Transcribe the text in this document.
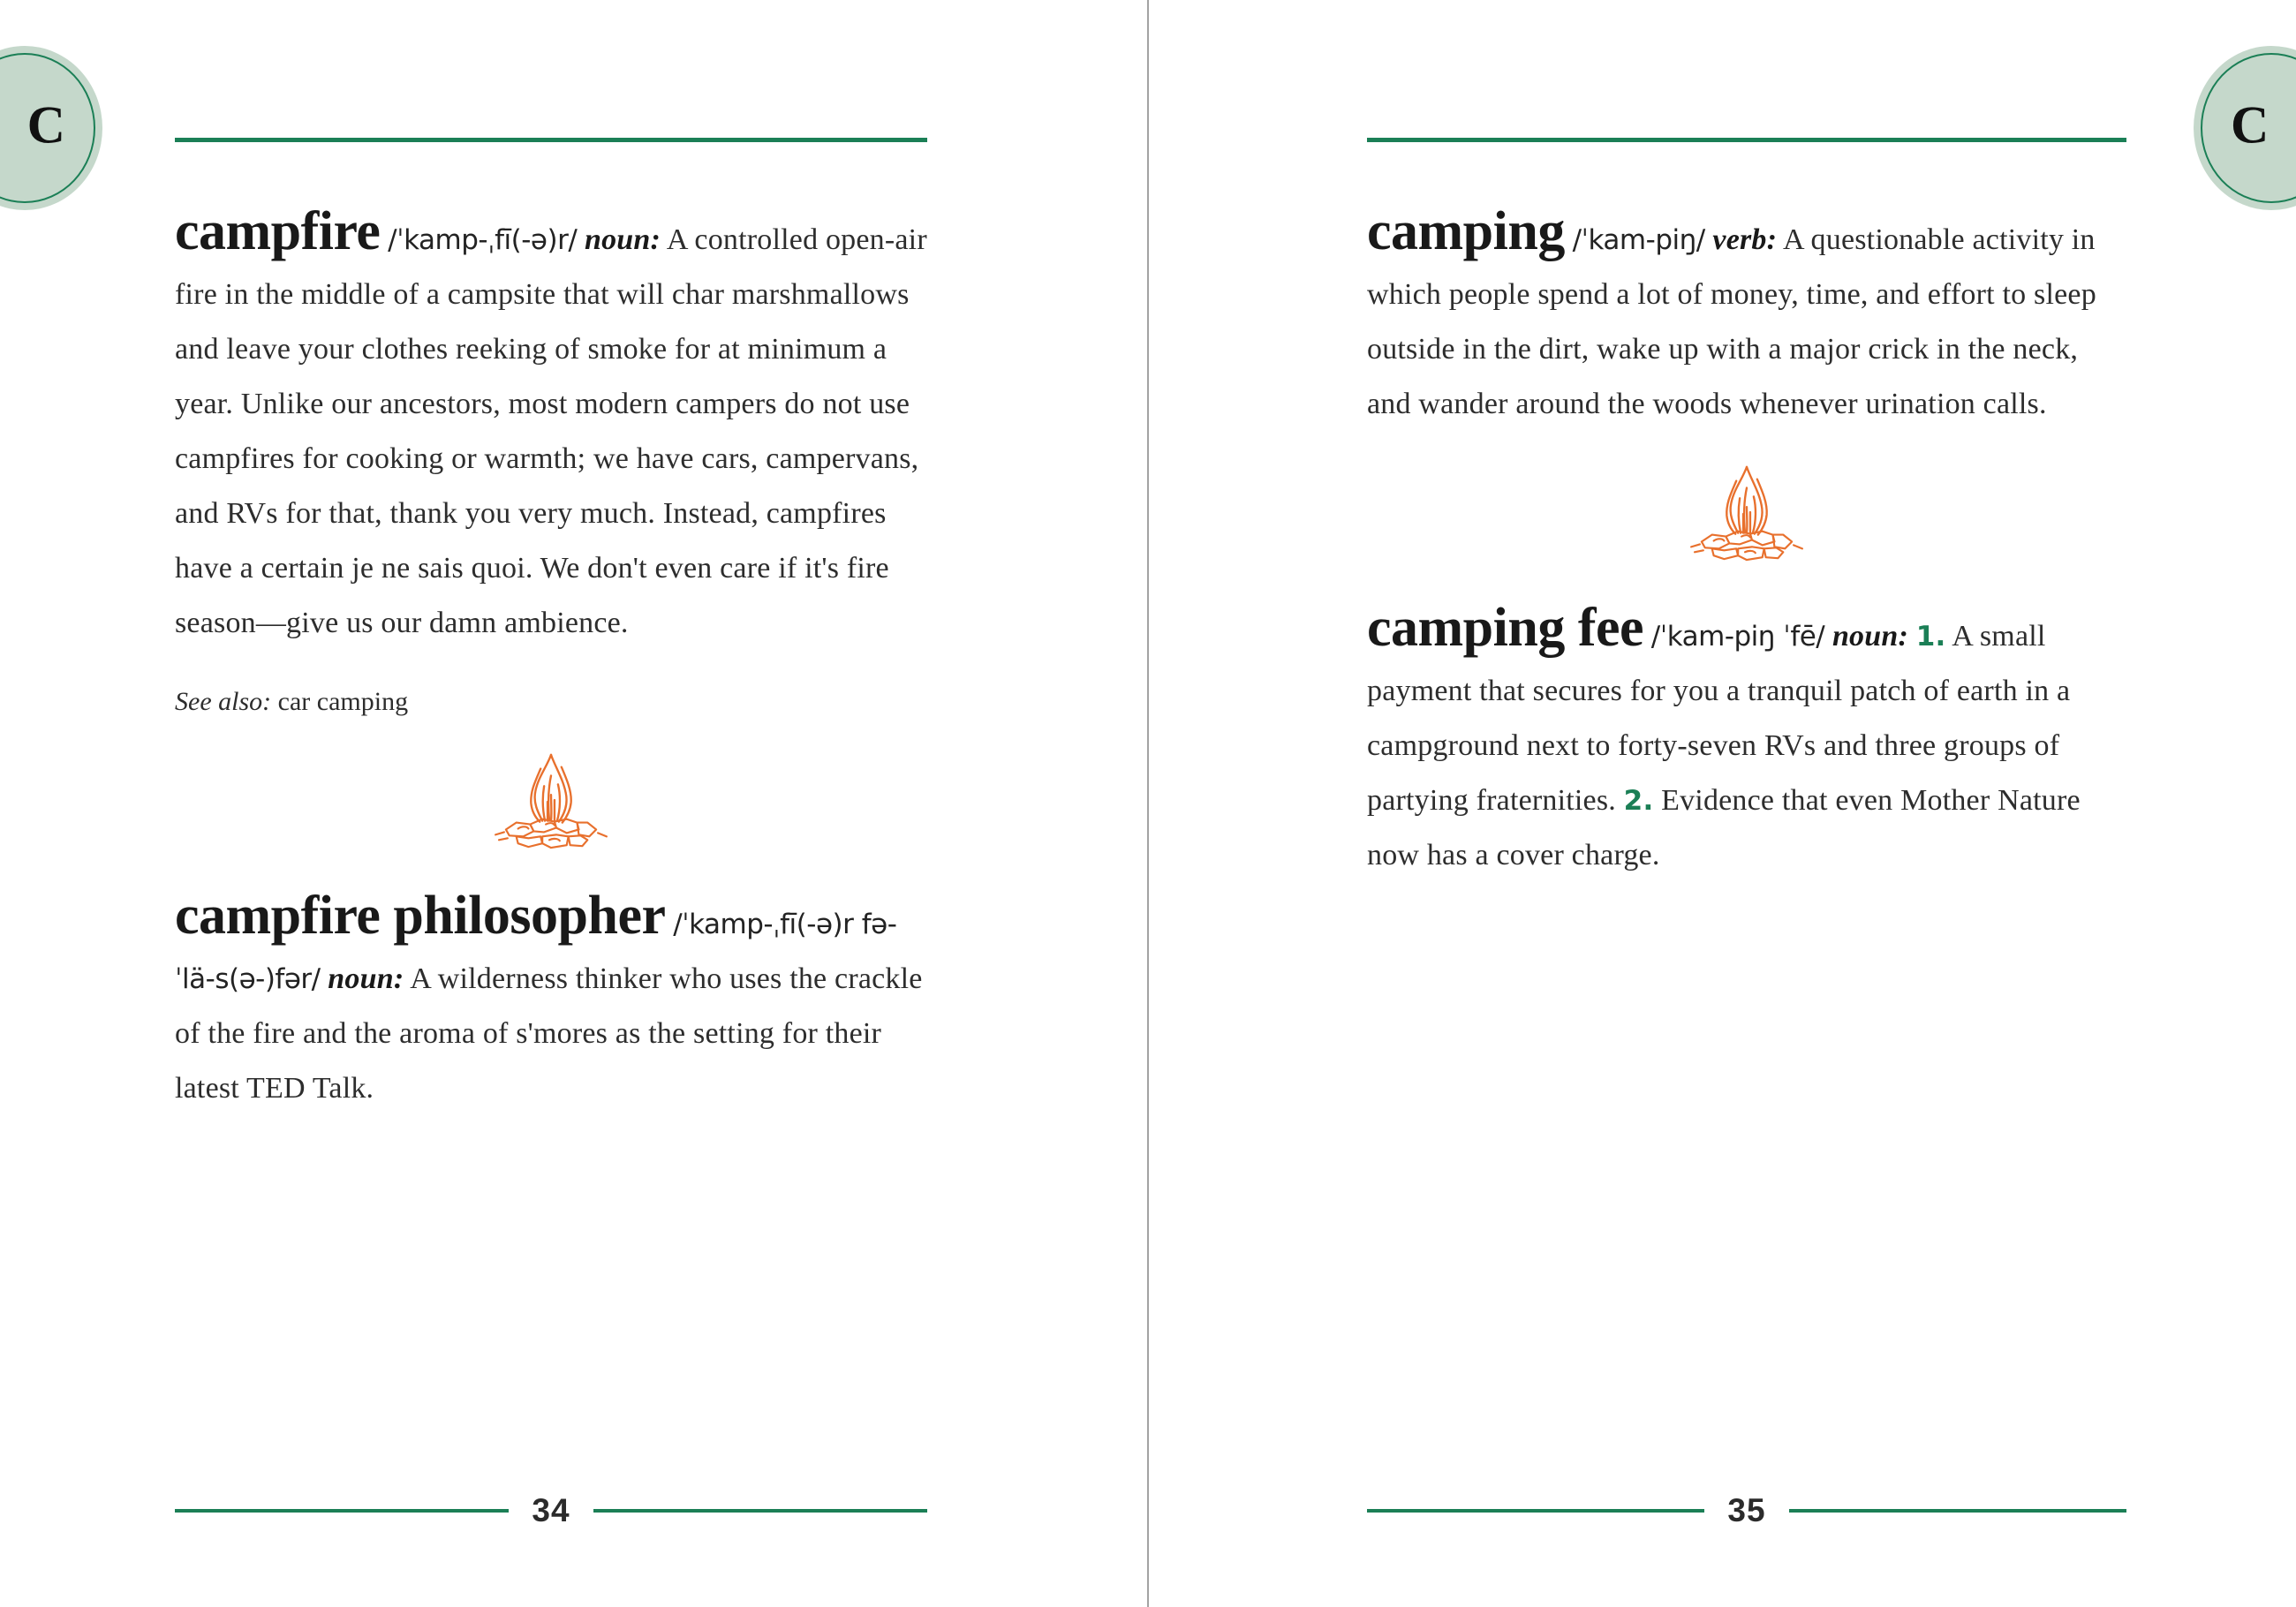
C	C

campfire /ˈkamp-ˌfī(-ə)r/ noun: A controlled open-air fire in the middle of a campsite that will char marshmallows and leave your clothes reeking of smoke for at minimum a year. Unlike our ancestors, most modern campers do not use campfires for cooking or warmth; we have cars, campervans, and RVs for that, thank you very much. Instead, campfires have a certain je ne sais quoi. We don't even care if it's fire season—give us our damn ambience.

See also: car camping

campfire philosopher /ˈkamp-ˌfī(-ə)r fə-ˈlä-s(ə-)fər/ noun: A wilderness thinker who uses the crackle of the fire and the aroma of s'mores as the setting for their latest TED Talk.

34

camping /ˈkam-piŋ/ verb: A questionable activity in which people spend a lot of money, time, and effort to sleep outside in the dirt, wake up with a major crick in the neck, and wander around the woods whenever urination calls.

camping fee /ˈkam-piŋ ˈfē/ noun: 1. A small payment that secures for you a tranquil patch of earth in a campground next to forty-seven RVs and three groups of partying fraternities. 2. Evidence that even Mother Nature now has a cover charge.

35
